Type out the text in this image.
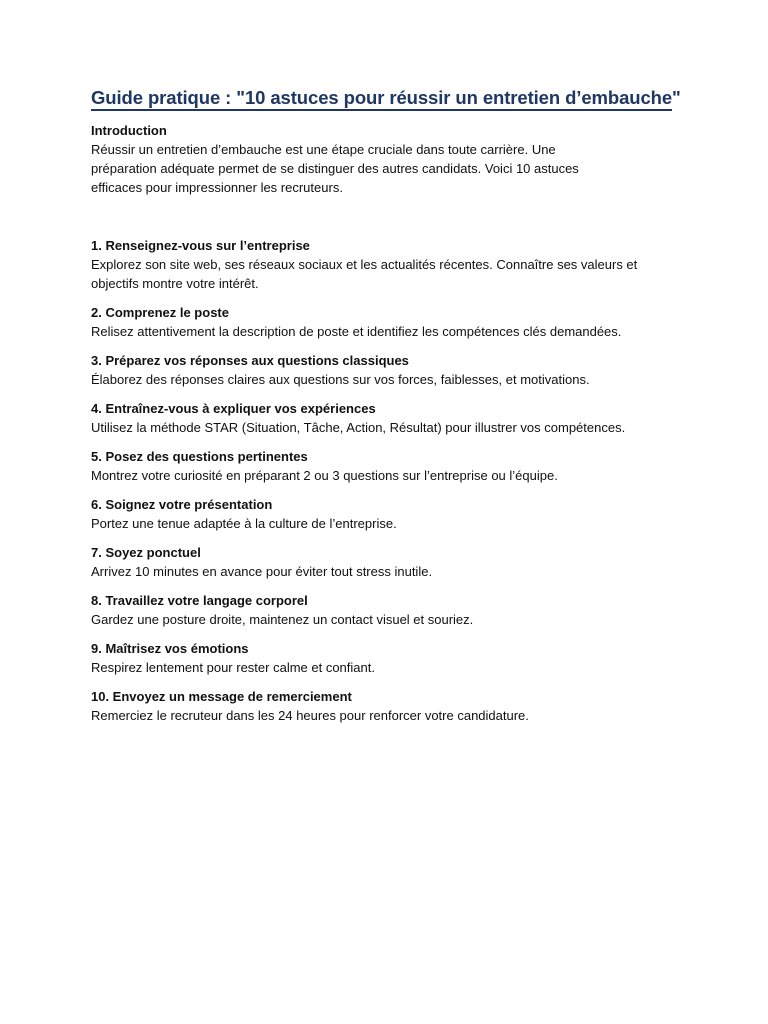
Guide pratique : "10 astuces pour réussir un entretien d’embauche"
Introduction
Réussir un entretien d’embauche est une étape cruciale dans toute carrière. Une
préparation adéquate permet de se distinguer des autres candidats. Voici 10 astuces
efficaces pour impressionner les recruteurs.
1. Renseignez-vous sur l’entreprise
Explorez son site web, ses réseaux sociaux et les actualités récentes. Connaître ses valeurs et
objectifs montre votre intérêt.
2. Comprenez le poste
Relisez attentivement la description de poste et identifiez les compétences clés demandées.
3. Préparez vos réponses aux questions classiques
Élaborez des réponses claires aux questions sur vos forces, faiblesses, et motivations.
4. Entraînez-vous à expliquer vos expériences
Utilisez la méthode STAR (Situation, Tâche, Action, Résultat) pour illustrer vos compétences.
5. Posez des questions pertinentes
Montrez votre curiosité en préparant 2 ou 3 questions sur l’entreprise ou l’équipe.
6. Soignez votre présentation
Portez une tenue adaptée à la culture de l’entreprise.
7. Soyez ponctuel
Arrivez 10 minutes en avance pour éviter tout stress inutile.
8. Travaillez votre langage corporel
Gardez une posture droite, maintenez un contact visuel et souriez.
9. Maîtrisez vos émotions
Respirez lentement pour rester calme et confiant.
10. Envoyez un message de remerciement
Remerciez le recruteur dans les 24 heures pour renforcer votre candidature.
